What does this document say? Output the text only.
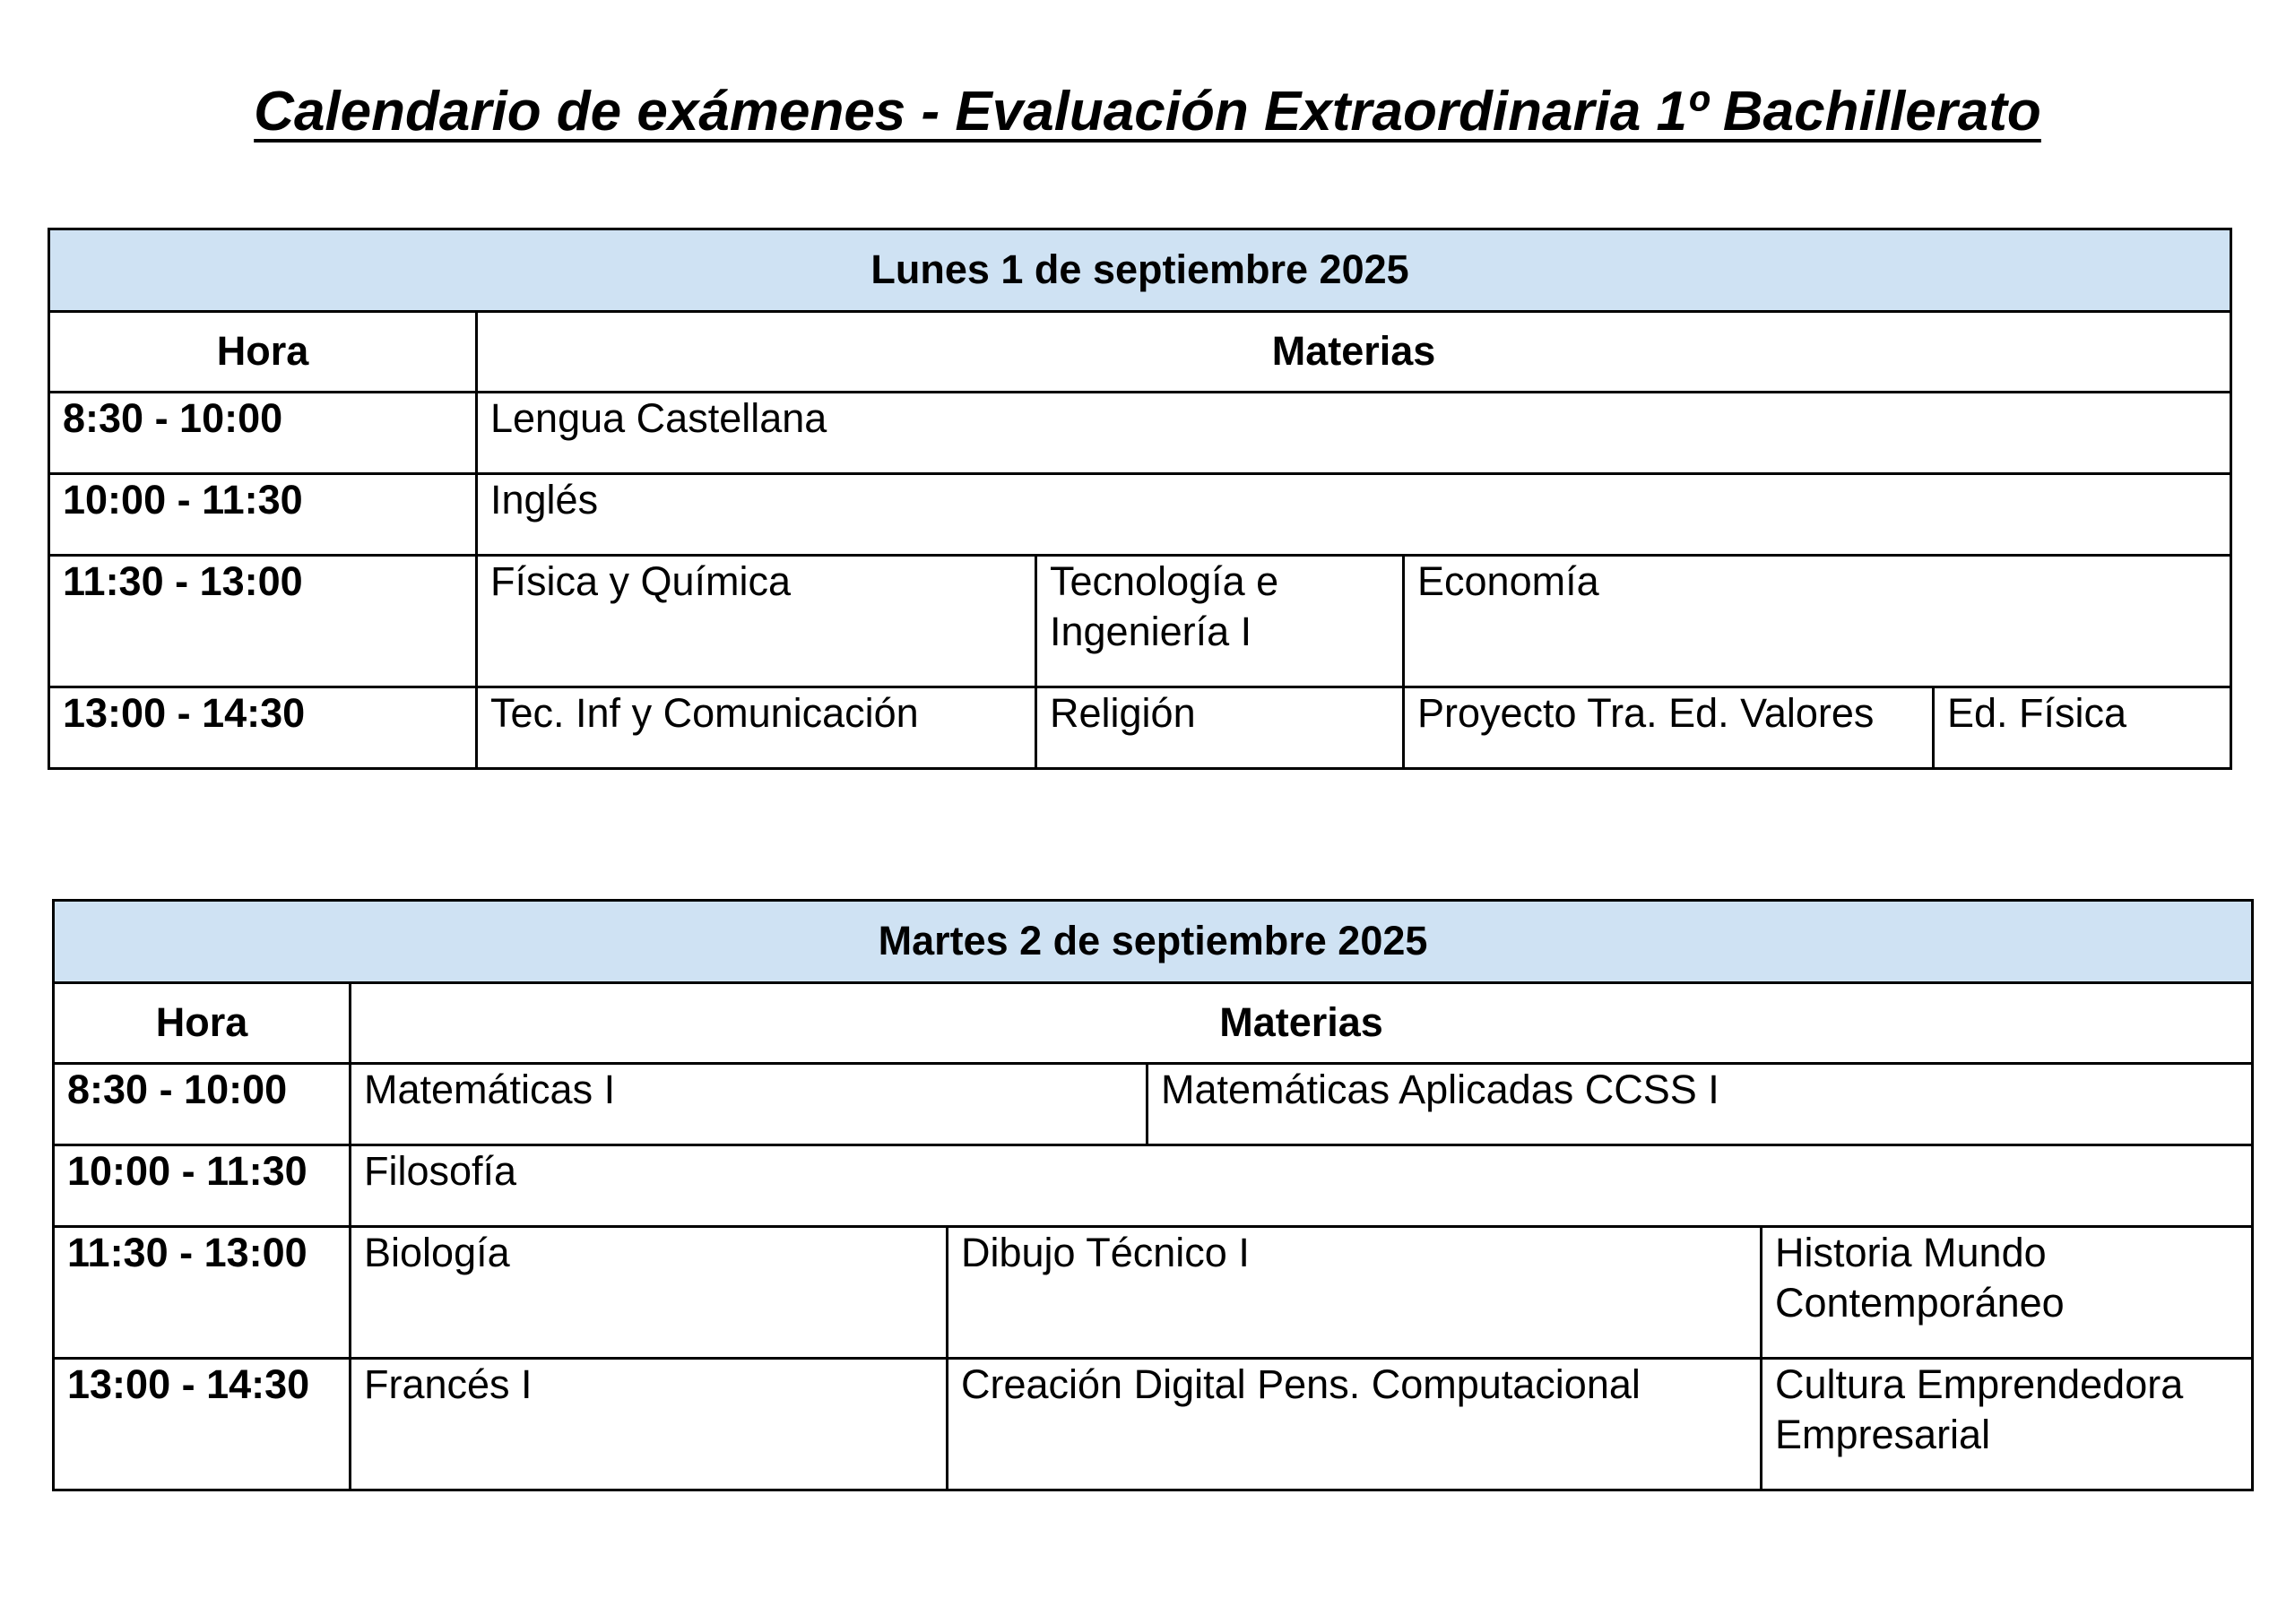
Calendario de exámenes - Evaluación Extraordinaria 1º Bachillerato
Lunes 1 de septiembre 2025				
Hora	Materias			
8:30 - 10:00	Lengua Castellana			
10:00 - 11:30	Inglés			
11:30 - 13:00	Física y Química	Tecnología e Ingeniería I	Economía	
13:00 - 14:30	Tec. Inf y Comunicación	Religión	Proyecto Tra. Ed. Valores	Ed. Física
Martes 2 de septiembre 2025				
Hora	Materias			
8:30 - 10:00	Matemáticas I		Matemáticas Aplicadas CCSS I	
10:00 - 11:30	Filosofía			
11:30 - 13:00	Biología	Dibujo Técnico I		Historia Mundo Contemporáneo
13:00 - 14:30	Francés I	Creación Digital Pens. Computacional		Cultura Emprendedora Empresarial
